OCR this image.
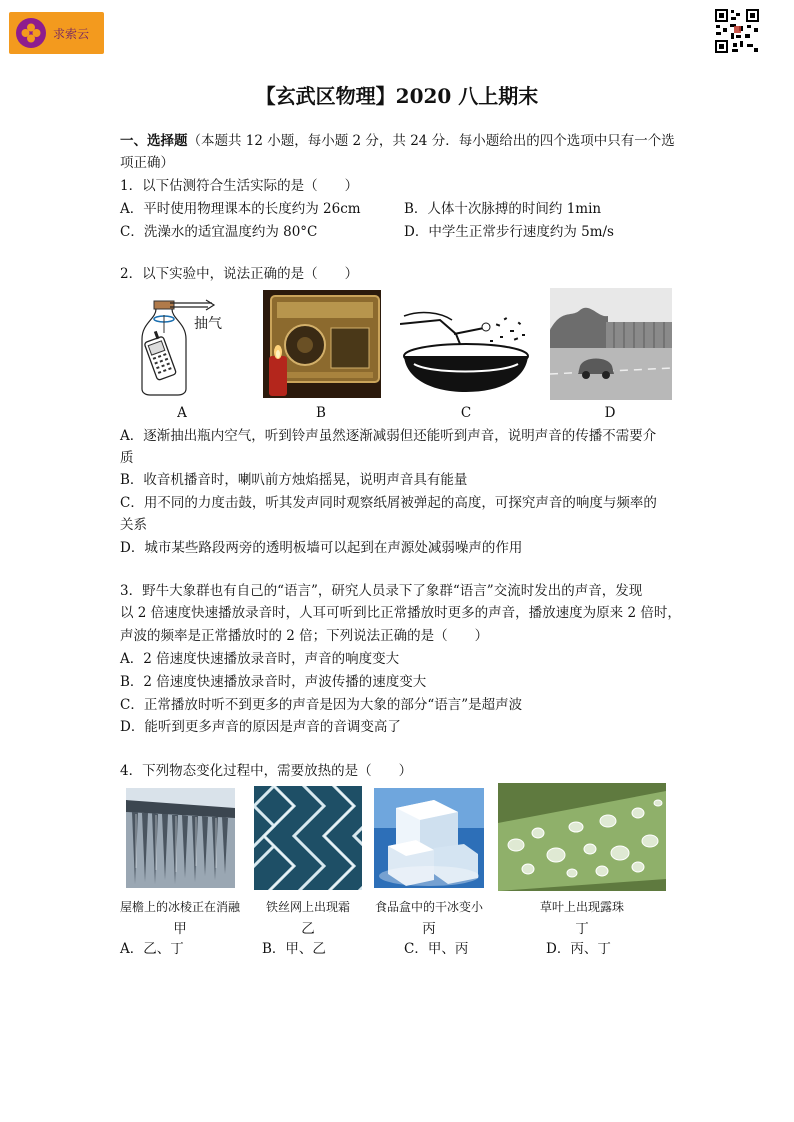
求索云
【玄武区物理】2020 八上期末
一、选择题（本题共 12 小题，每小题 2 分，共 24 分．每小题给出的四个选项中只有一个选
项正确）
1．以下估测符合生活实际的是（　　）
A．平时使用物理课本的长度约为 26cm	B．人体十次脉搏的时间约 1min
C．洗澡水的适宜温度约为 80°C	D．中学生正常步行速度约为 5m/s
2．以下实验中，说法正确的是（　　）
抽气
A	B	C	D
A．逐渐抽出瓶内空气，听到铃声虽然逐渐减弱但还能听到声音，说明声音的传播不需要介
质
B．收音机播音时，喇叭前方烛焰摇晃，说明声音具有能量
C．用不同的力度击鼓，听其发声同时观察纸屑被弹起的高度，可探究声音的响度与频率的
关系
D．城市某些路段两旁的透明板墙可以起到在声源处减弱噪声的作用
3．野牛大象群也有自己的“语言”，研究人员录下了象群“语言”交流时发出的声音，发现
以 2 倍速度快速播放录音时，人耳可听到比正常播放时更多的声音，播放速度为原来 2 倍时，
声波的频率是正常播放时的 2 倍；下列说法正确的是（　　）
A．2 倍速度快速播放录音时，声音的响度变大
B．2 倍速度快速播放录音时，声波传播的速度变大
C．正常播放时听不到更多的声音是因为大象的部分“语言”是超声波
D．能听到更多声音的原因是声音的音调变高了
4．下列物态变化过程中，需要放热的是（　　）
屋檐上的冰棱正在消融	铁丝网上出现霜	食品盒中的干冰变小	草叶上出现露珠
甲	乙	丙	丁
A．乙、丁	B．甲、乙	C．甲、丙	D．丙、丁
